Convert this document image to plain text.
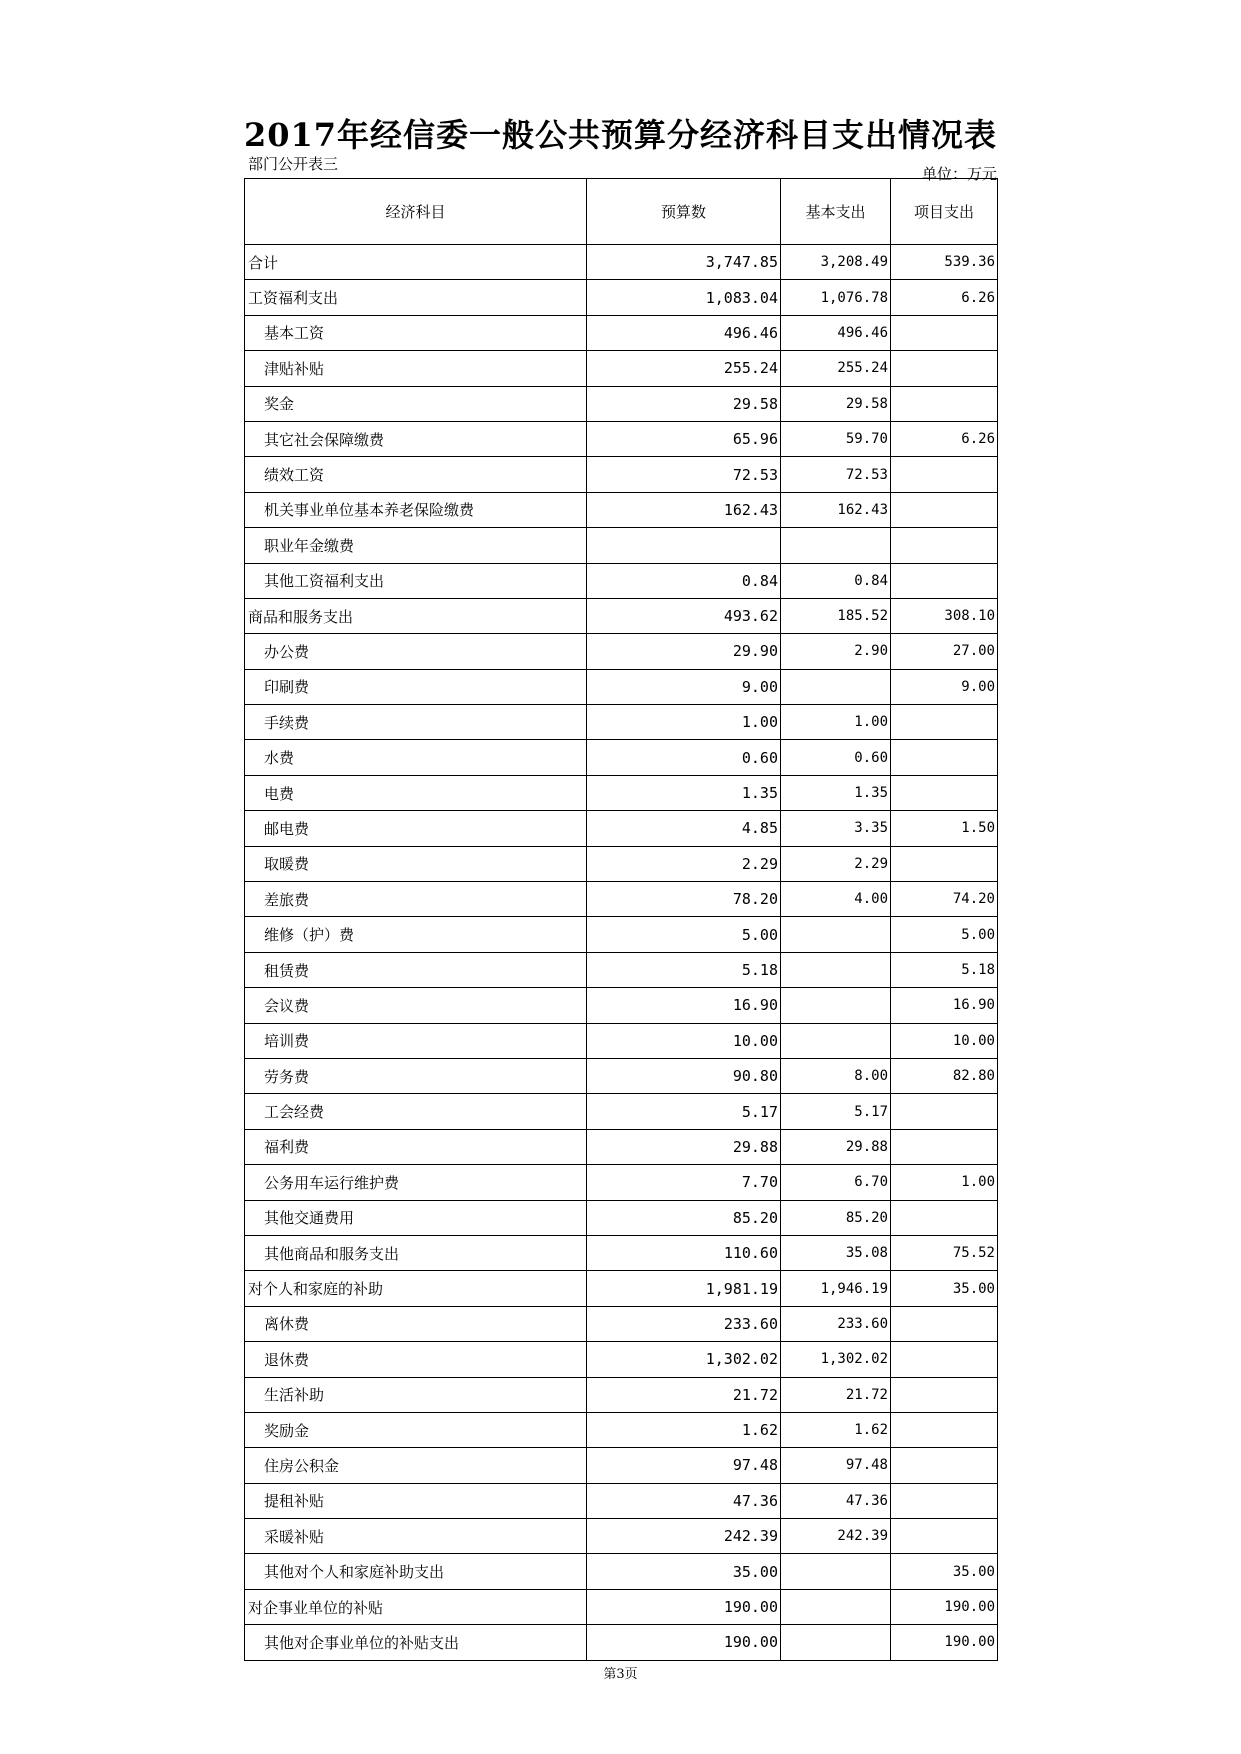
2017年经信委一般公共预算分经济科目支出情况表
部门公开表三
单位：万元
经济科目	预算数	基本支出	项目支出
合计	3,747.85	3,208.49	539.36
工资福利支出	1,083.04	1,076.78	6.26
基本工资	496.46	496.46	
津贴补贴	255.24	255.24	
奖金	29.58	29.58	
其它社会保障缴费	65.96	59.70	6.26
绩效工资	72.53	72.53	
机关事业单位基本养老保险缴费	162.43	162.43	
职业年金缴费			
其他工资福利支出	0.84	0.84	
商品和服务支出	493.62	185.52	308.10
办公费	29.90	2.90	27.00
印刷费	9.00		9.00
手续费	1.00	1.00	
水费	0.60	0.60	
电费	1.35	1.35	
邮电费	4.85	3.35	1.50
取暖费	2.29	2.29	
差旅费	78.20	4.00	74.20
维修（护）费	5.00		5.00
租赁费	5.18		5.18
会议费	16.90		16.90
培训费	10.00		10.00
劳务费	90.80	8.00	82.80
工会经费	5.17	5.17	
福利费	29.88	29.88	
公务用车运行维护费	7.70	6.70	1.00
其他交通费用	85.20	85.20	
其他商品和服务支出	110.60	35.08	75.52
对个人和家庭的补助	1,981.19	1,946.19	35.00
离休费	233.60	233.60	
退休费	1,302.02	1,302.02	
生活补助	21.72	21.72	
奖励金	1.62	1.62	
住房公积金	97.48	97.48	
提租补贴	47.36	47.36	
采暖补贴	242.39	242.39	
其他对个人和家庭补助支出	35.00		35.00
对企事业单位的补贴	190.00		190.00
其他对企事业单位的补贴支出	190.00		190.00
第3页
